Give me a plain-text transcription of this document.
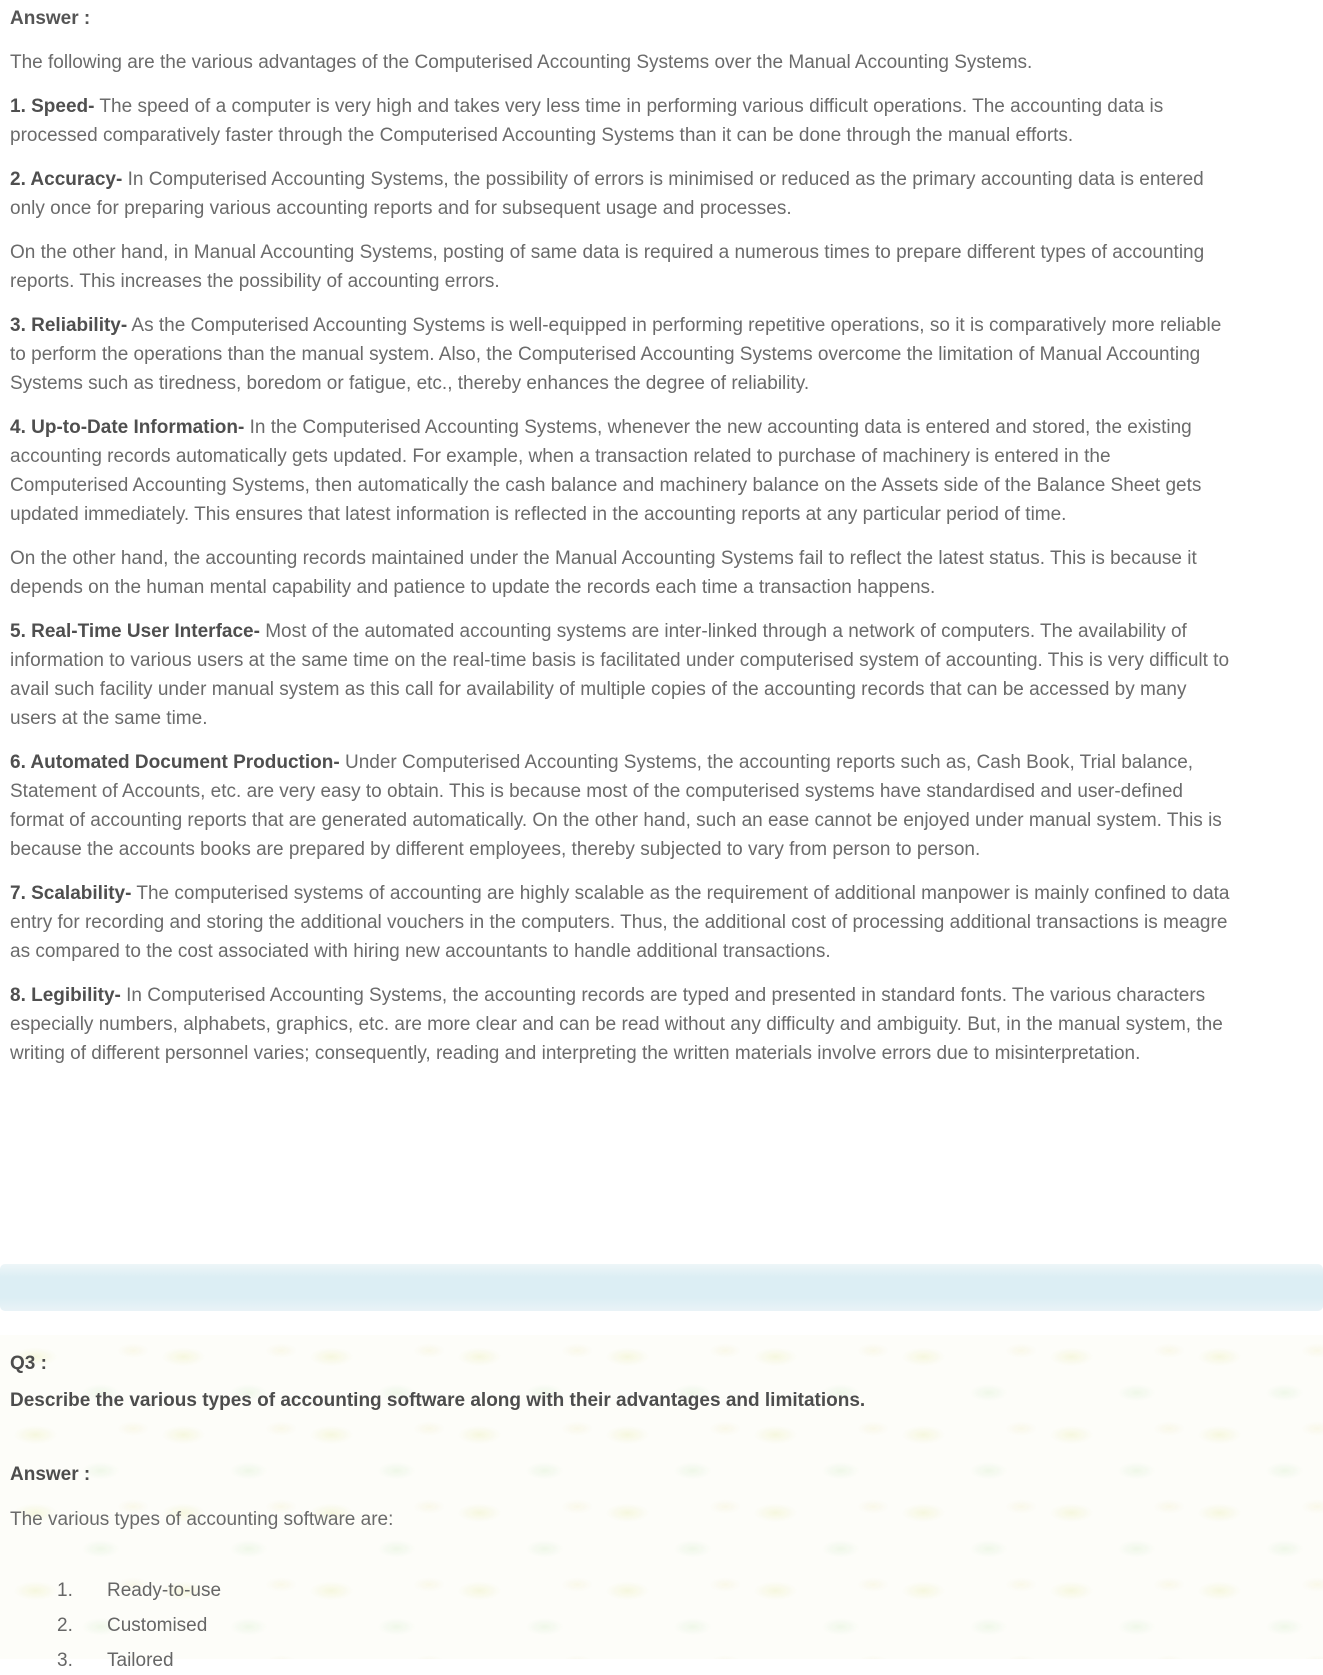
Answer :

The following are the various advantages of the Computerised Accounting Systems over the Manual Accounting Systems.

1. Speed- The speed of a computer is very high and takes very less time in performing various difficult operations. The accounting data is processed comparatively faster through the Computerised Accounting Systems than it can be done through the manual efforts.

2. Accuracy- In Computerised Accounting Systems, the possibility of errors is minimised or reduced as the primary accounting data is entered only once for preparing various accounting reports and for subsequent usage and processes.

On the other hand, in Manual Accounting Systems, posting of same data is required a numerous times to prepare different types of accounting reports. This increases the possibility of accounting errors.

3. Reliability- As the Computerised Accounting Systems is well-equipped in performing repetitive operations, so it is comparatively more reliable to perform the operations than the manual system. Also, the Computerised Accounting Systems overcome the limitation of Manual Accounting Systems such as tiredness, boredom or fatigue, etc., thereby enhances the degree of reliability.

4. Up-to-Date Information- In the Computerised Accounting Systems, whenever the new accounting data is entered and stored, the existing accounting records automatically gets updated. For example, when a transaction related to purchase of machinery is entered in the Computerised Accounting Systems, then automatically the cash balance and machinery balance on the Assets side of the Balance Sheet gets updated immediately. This ensures that latest information is reflected in the accounting reports at any particular period of time.

On the other hand, the accounting records maintained under the Manual Accounting Systems fail to reflect the latest status. This is because it depends on the human mental capability and patience to update the records each time a transaction happens.

5. Real-Time User Interface- Most of the automated accounting systems are inter-linked through a network of computers. The availability of information to various users at the same time on the real-time basis is facilitated under computerised system of accounting. This is very difficult to avail such facility under manual system as this call for availability of multiple copies of the accounting records that can be accessed by many users at the same time.

6. Automated Document Production- Under Computerised Accounting Systems, the accounting reports such as, Cash Book, Trial balance, Statement of Accounts, etc. are very easy to obtain. This is because most of the computerised systems have standardised and user-defined format of accounting reports that are generated automatically. On the other hand, such an ease cannot be enjoyed under manual system. This is because the accounts books are prepared by different employees, thereby subjected to vary from person to person.

7. Scalability- The computerised systems of accounting are highly scalable as the requirement of additional manpower is mainly confined to data entry for recording and storing the additional vouchers in the computers. Thus, the additional cost of processing additional transactions is meagre as compared to the cost associated with hiring new accountants to handle additional transactions.

8. Legibility- In Computerised Accounting Systems, the accounting records are typed and presented in standard fonts. The various characters especially numbers, alphabets, graphics, etc. are more clear and can be read without any difficulty and ambiguity. But, in the manual system, the writing of different personnel varies; consequently, reading and interpreting the written materials involve errors due to misinterpretation.

Q3 :

Describe the various types of accounting software along with their advantages and limitations.

Answer :

The various types of accounting software are:

1.	Ready-to-use
2.	Customised
3.	Tailored
